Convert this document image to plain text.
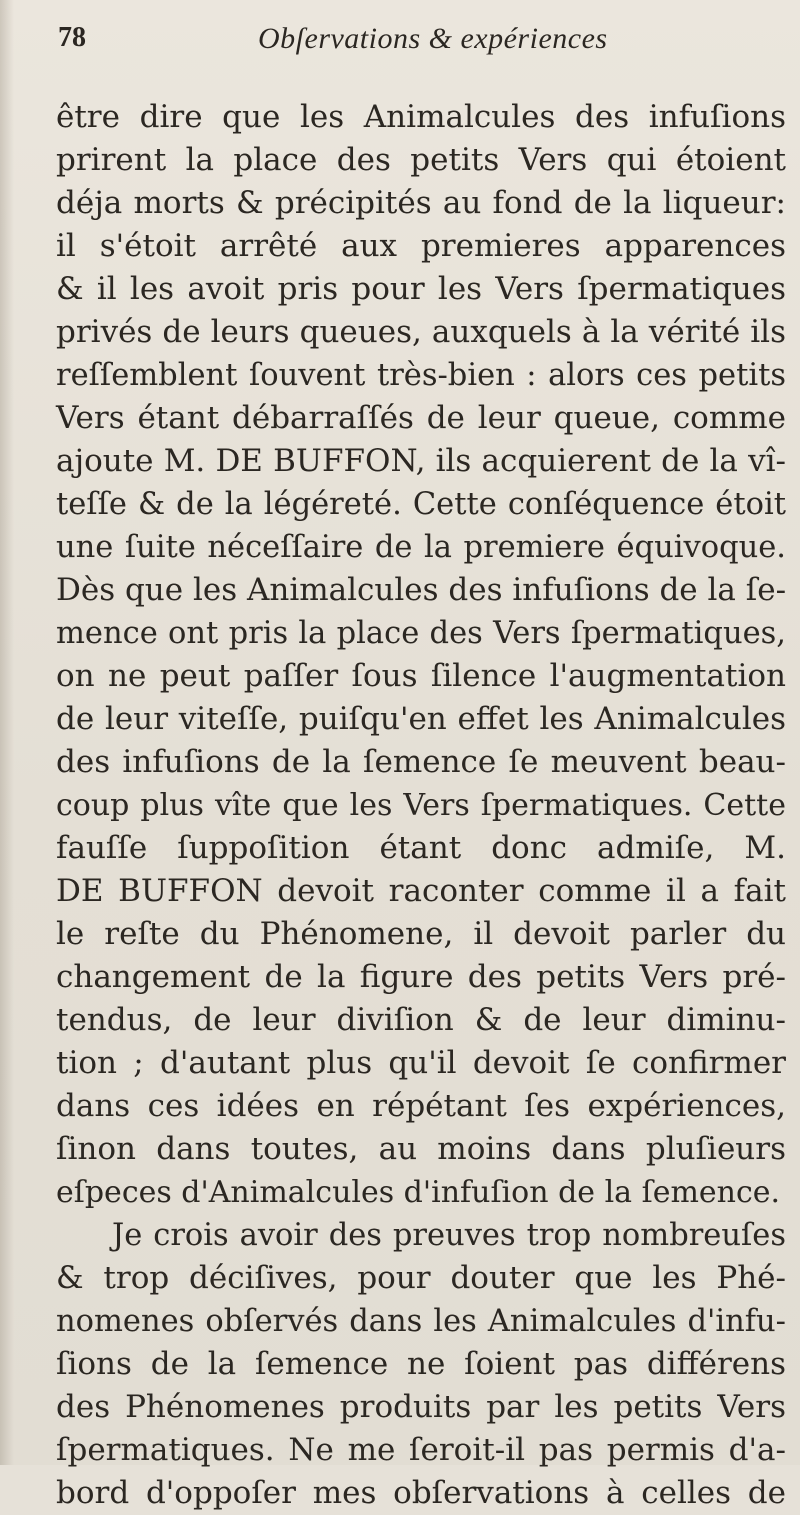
78	Obſervations & expériences
être dire que les Animalcules des infuſions
prirent la place des petits Vers qui étoient
déja morts & précipités au fond de la liqueur:
il s'étoit arrêté aux premieres apparences
& il les avoit pris pour les Vers ſpermatiques
privés de leurs queues, auxquels à la vérité ils
reſſemblent ſouvent très-bien : alors ces petits
Vers étant débarraſſés de leur queue, comme
ajoute M. DE BUFFON, ils acquierent de la vî-
teſſe & de la légéreté. Cette conſéquence étoit
une ſuite néceſſaire de la premiere équivoque.
Dès que les Animalcules des infuſions de la ſe-
mence ont pris la place des Vers ſpermatiques,
on ne peut paſſer ſous ſilence l'augmentation
de leur viteſſe, puiſqu'en effet les Animalcules
des infuſions de la ſemence ſe meuvent beau-
coup plus vîte que les Vers ſpermatiques. Cette
fauſſe ſuppoſition étant donc admiſe, M.
DE BUFFON devoit raconter comme il a fait
le reſte du Phénomene, il devoit parler du
changement de la figure des petits Vers pré-
tendus, de leur diviſion & de leur diminu-
tion ; d'autant plus qu'il devoit ſe confirmer
dans ces idées en répétant ſes expériences,
ſinon dans toutes, au moins dans pluſieurs
eſpeces d'Animalcules d'infuſion de la ſemence.
Je crois avoir des preuves trop nombreuſes
& trop déciſives, pour douter que les Phé-
nomenes obſervés dans les Animalcules d'infu-
ſions de la ſemence ne ſoient pas différens
des Phénomenes produits par les petits Vers
ſpermatiques. Ne me ſeroit-il pas permis d'a-
bord d'oppoſer mes obſervations à celles de
